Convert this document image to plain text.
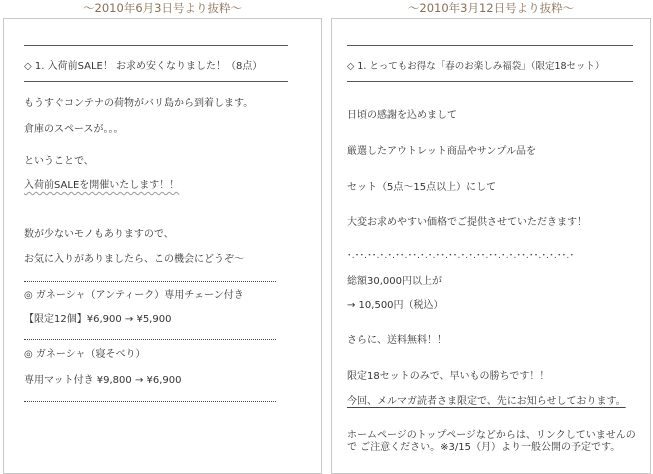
～2010年6月3日号より抜粋～	～2010年3月12日号より抜粋～
◇ 1. 入荷前SALE！ お求め安くなりました！（8点）
もうすぐコンテナの荷物がバリ島から到着します。
倉庫のスペースが。。。
ということで、
入荷前SALEを開催いたします！！
数が少ないモノもありますので、
お気に入りがありましたら、この機会にどうぞ～
◎ ガネーシャ（アンティーク）専用チェーン付き
【限定12個】¥6,900 → ¥5,900
◎ ガネーシャ（寝そべり）
専用マット付き ¥9,800 → ¥6,900
◇ 1. とってもお得な「春のお楽しみ福袋」（限定18セット）
日頃の感謝を込めまして
厳選したアウトレット商品やサンプル品を
セット（5点～15点以上）にして
大変お求めやすい価格でご提供させていただきます！
･.･･.･･.･.･.･･.･･.･.･.･･.･･.･.･.･･.･･.･.･.･･.･･.･.･.･･.･
総額30,000円以上が
→ 10,500円（税込）
さらに、送料無料！！
限定18セットのみで、早いもの勝ちです！！
今回、メルマガ読者さま限定で、先にお知らせしております。
ホームページのトップページなどからは、リンクしていませんので ご注意ください。※3/15（月）より一般公開の予定です。
